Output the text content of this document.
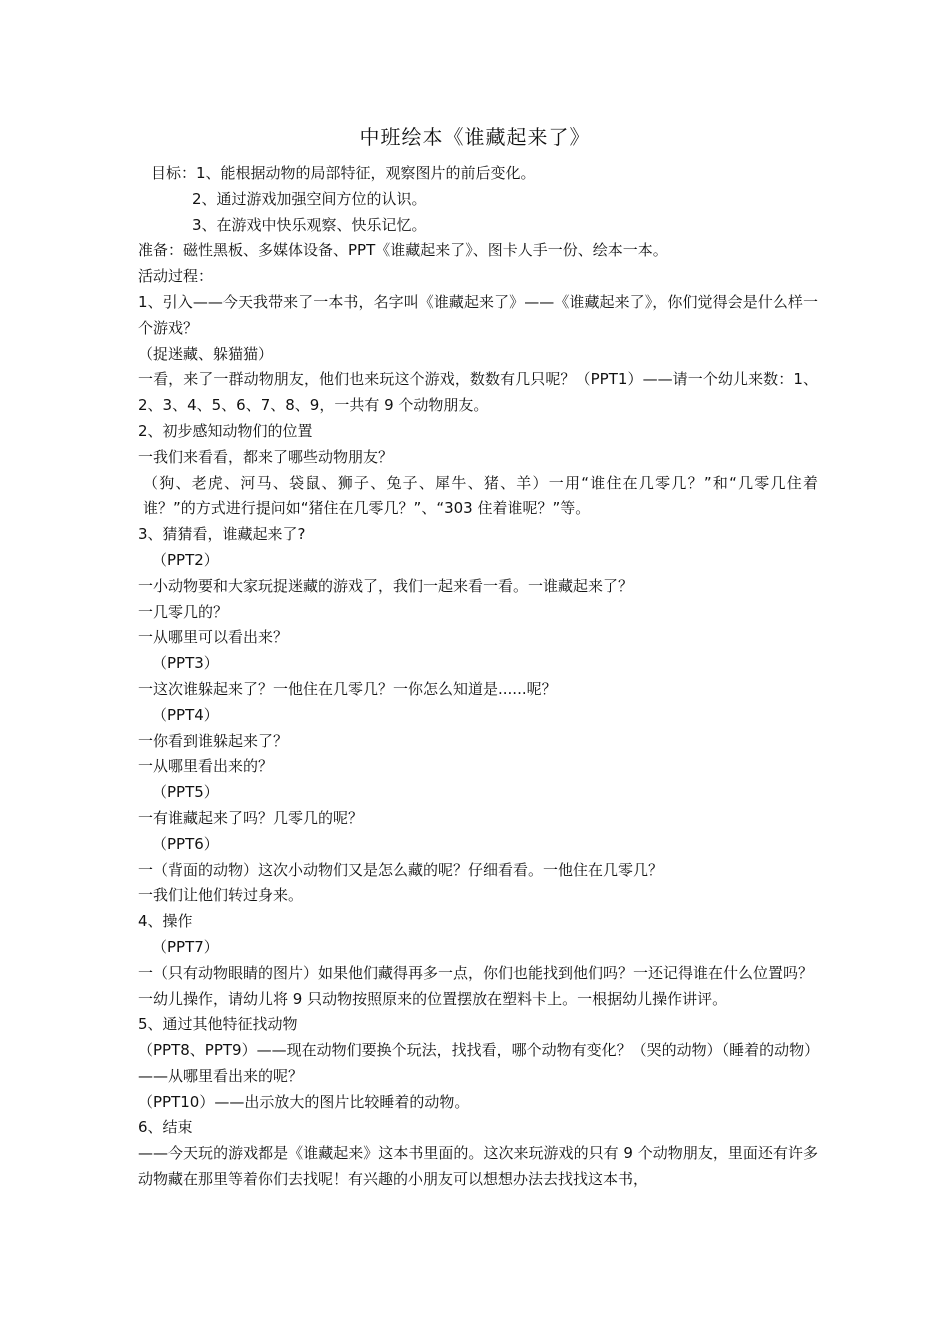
中班绘本《谁藏起来了》

目标：1、能根据动物的局部特征，观察图片的前后变化。

2、通过游戏加强空间方位的认识。

3、在游戏中快乐观察、快乐记忆。

准备：磁性黑板、多媒体设备、PPT《谁藏起来了》、图卡人手一份、绘本一本。

活动过程：

1、引入——今天我带来了一本书，名字叫《谁藏起来了》——《谁藏起来了》，你们觉得会是什么样一个游戏？

（捉迷藏、躲猫猫）

一看，来了一群动物朋友，他们也来玩这个游戏，数数有几只呢？（PPT1）——请一个幼儿来数：1、2、3、4、5、6、7、8、9，一共有 9 个动物朋友。

2、初步感知动物们的位置

一我们来看看，都来了哪些动物朋友？

（狗、老虎、河马、袋鼠、狮子、兔子、犀牛、猪、羊）一用“谁住在几零几？”和“几零几住着谁？”的方式进行提问如“猪住在几零几？”、“303 住着谁呢？”等。

3、猜猜看，谁藏起来了?

（PPT2）

一小动物要和大家玩捉迷藏的游戏了，我们一起来看一看。一谁藏起来了？

一几零几的？

一从哪里可以看出来？

（PPT3）

一这次谁躲起来了？一他住在几零几？一你怎么知道是......呢？

（PPT4）

一你看到谁躲起来了？

一从哪里看出来的？

（PPT5）

一有谁藏起来了吗？几零几的呢？

（PPT6）

一（背面的动物）这次小动物们又是怎么藏的呢？仔细看看。一他住在几零几？

一我们让他们转过身来。

4、操作

（PPT7）

一（只有动物眼睛的图片）如果他们藏得再多一点，你们也能找到他们吗？一还记得谁在什么位置吗？

一幼儿操作，请幼儿将 9 只动物按照原来的位置摆放在塑料卡上。一根据幼儿操作讲评。

5、通过其他特征找动物

（PPT8、PPT9）——现在动物们要换个玩法，找找看，哪个动物有变化？（哭的动物）（睡着的动物）

——从哪里看出来的呢？

（PPT10）——出示放大的图片比较睡着的动物。

6、结束

——今天玩的游戏都是《谁藏起来》这本书里面的。这次来玩游戏的只有 9 个动物朋友，里面还有许多动物藏在那里等着你们去找呢！有兴趣的小朋友可以想想办法去找找这本书，
